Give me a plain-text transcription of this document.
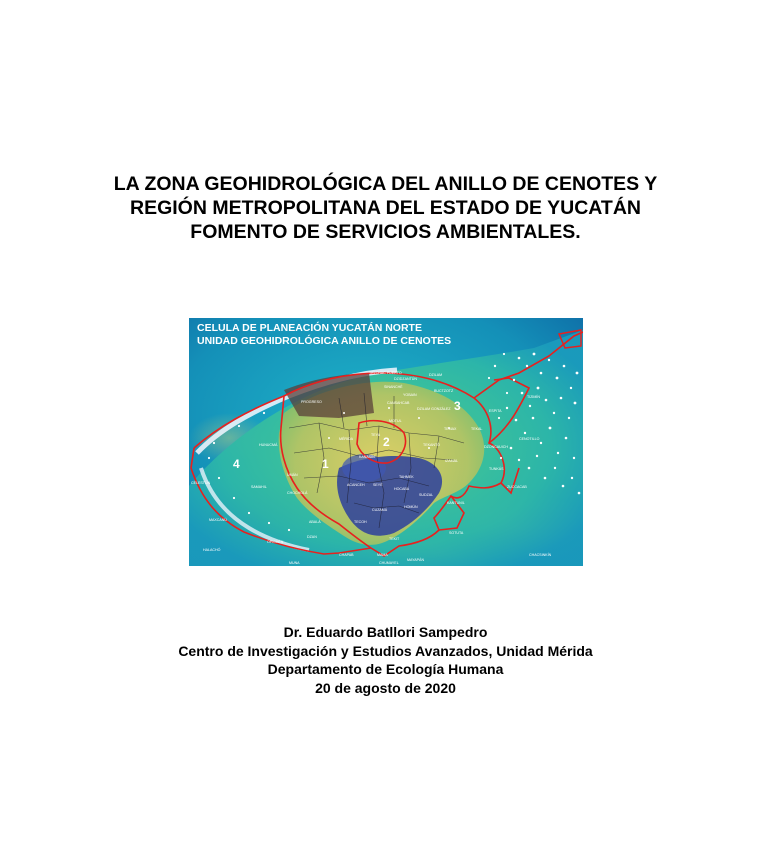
LA ZONA GEOHIDROLÓGICA DEL ANILLO DE CENOTES Y
REGIÓN METROPOLITANA DEL ESTADO DE YUCATÁN
FOMENTO DE SERVICIOS AMBIENTALES.
CELULA DE PLANEACIÓN YUCATÁN NORTE
UNIDAD GEOHIDROLÓGICA ANILLO DE CENOTES
1
2
3
4
PROGRESO
DZIDZANTÚN
TELCHAC PUERTO	DZILAM
SINANCHÉ
YOBAIN
DZILAM GONZÁLEZ
TEMAX
TEKANTÓ
TEKAL
IZAMAL
CANSAHCAB
MOTUL
MÉRIDA
KANASÍN
UMÁN
HUNUCMÁ
CELESTÚN
MAXCANÚ
HALACHÓ
OPICHÉN
ABALÁ
ACANCEH SEYÉ
HOCABÁ
SOTUTA
TECOH
CUZAMÁ
TEKIT
CHAPAB	MAMA
MAYAPÁN
TUNKÁS
DZONCAUICH
CENOTILLO
BUCTZOTZ
TIZIMÍN
ESPITA
KANTUNIL
SUDZAL
TAHMEK
CHOCHOLÁ
SAMAHIL
CHUMAYEL
TEYA
HOMÚN
ZUCCACAB
CHACSINKÍN
DZAN
MUNA
Dr. Eduardo Batllori Sampedro
Centro de Investigación y Estudios Avanzados, Unidad Mérida
Departamento de Ecología Humana
20 de agosto de 2020
